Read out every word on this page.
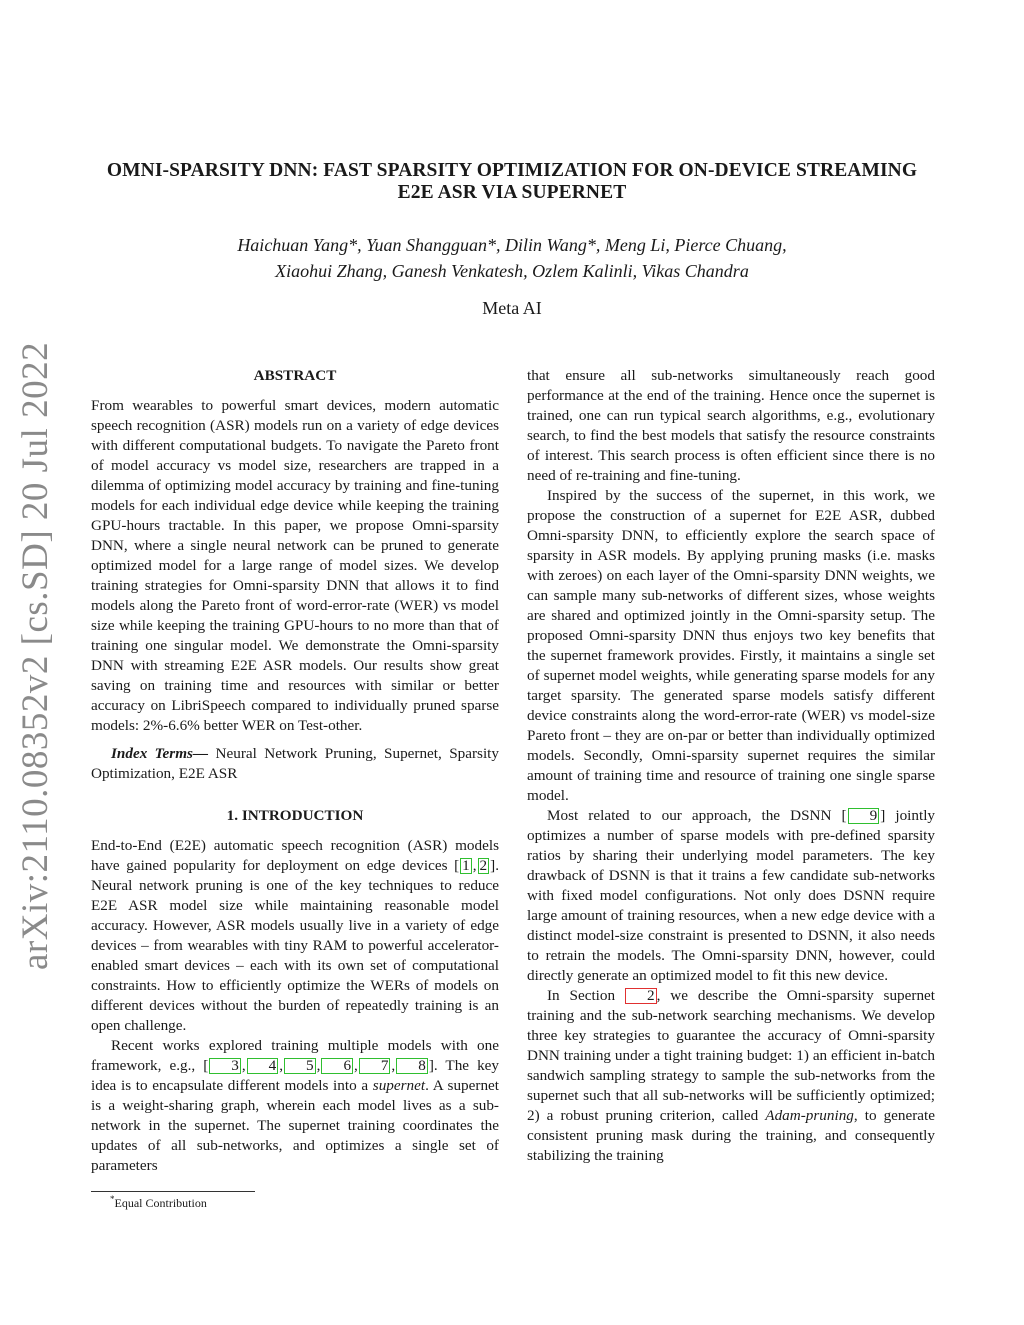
arXiv:2110.08352v2 [cs.SD] 20 Jul 2022
OMNI-SPARSITY DNN: FAST SPARSITY OPTIMIZATION FOR ON-DEVICE STREAMING
E2E ASR VIA SUPERNET
Haichuan Yang*, Yuan Shangguan*, Dilin Wang*, Meng Li, Pierce Chuang,
Xiaohui Zhang, Ganesh Venkatesh, Ozlem Kalinli, Vikas Chandra
Meta AI
ABSTRACT

From wearables to powerful smart devices, modern automatic speech recognition (ASR) models run on a variety of edge devices with different computational budgets. To navigate the Pareto front of model accuracy vs model size, researchers are trapped in a dilemma of optimizing model accuracy by training and fine-tuning models for each individual edge device while keeping the training GPU-hours tractable. In this paper, we propose Omni-sparsity DNN, where a single neural network can be pruned to generate optimized model for a large range of model sizes. We develop training strategies for Omni-sparsity DNN that allows it to find models along the Pareto front of word-error-rate (WER) vs model size while keeping the training GPU-hours to no more than that of training one singular model. We demonstrate the Omni-sparsity DNN with streaming E2E ASR models. Our results show great saving on training time and resources with similar or better accuracy on LibriSpeech compared to individually pruned sparse models: 2%-6.6% better WER on Test-other.

Index Terms— Neural Network Pruning, Supernet, Sparsity Optimization, E2E ASR

1. INTRODUCTION

End-to-End (E2E) automatic speech recognition (ASR) models have gained popularity for deployment on edge devices [ 1 , 2 ]. Neural network pruning is one of the key techniques to reduce E2E ASR model size while maintaining reasonable model accuracy. However, ASR models usually live in a variety of edge devices – from wearables with tiny RAM to powerful accelerator-enabled smart devices – each with its own set of computational constraints. How to efficiently optimize the WERs of models on different devices without the burden of repeatedly training is an open challenge.

Recent works explored training multiple models with one framework, e.g., [ 3 , 4 , 5 , 6 , 7 , 8 ]. The key idea is to encapsulate different models into a supernet. A supernet is a weight-sharing graph, wherein each model lives as a sub-network in the supernet. The supernet training coordinates the updates of all sub-networks, and optimizes a single set of parameters

that ensure all sub-networks simultaneously reach good performance at the end of the training. Hence once the supernet is trained, one can run typical search algorithms, e.g., evolutionary search, to find the best models that satisfy the resource constraints of interest. This search process is often efficient since there is no need of re-training and fine-tuning.

Inspired by the success of the supernet, in this work, we propose the construction of a supernet for E2E ASR, dubbed Omni-sparsity DNN, to efficiently explore the search space of sparsity in ASR models. By applying pruning masks (i.e. masks with zeroes) on each layer of the Omni-sparsity DNN weights, we can sample many sub-networks of different sizes, whose weights are shared and optimized jointly in the Omni-sparsity setup. The proposed Omni-sparsity DNN thus enjoys two key benefits that the supernet framework provides. Firstly, it maintains a single set of supernet model weights, while generating sparse models for any target sparsity. The generated sparse models satisfy different device constraints along the word-error-rate (WER) vs model-size Pareto front – they are on-par or better than individually optimized models. Secondly, Omni-sparsity supernet requires the similar amount of training time and resource of training one single sparse model.

Most related to our approach, the DSNN [ 9 ] jointly optimizes a number of sparse models with pre-defined sparsity ratios by sharing their underlying model parameters. The key drawback of DSNN is that it trains a few candidate sub-networks with fixed model configurations. Not only does DSNN require large amount of training resources, when a new edge device with a distinct model-size constraint is presented to DSNN, it also needs to retrain the models. The Omni-sparsity DNN, however, could directly generate an optimized model to fit this new device.

In Section 2 , we describe the Omni-sparsity supernet training and the sub-network searching mechanisms. We develop three key strategies to guarantee the accuracy of Omni-sparsity DNN training under a tight training budget: 1) an efficient in-batch sandwich sampling strategy to sample the sub-networks from the supernet such that all sub-networks will be sufficiently optimized; 2) a robust pruning criterion, called Adam-pruning, to generate consistent pruning mask during the training, and consequently stabilizing the training

*Equal Contribution
